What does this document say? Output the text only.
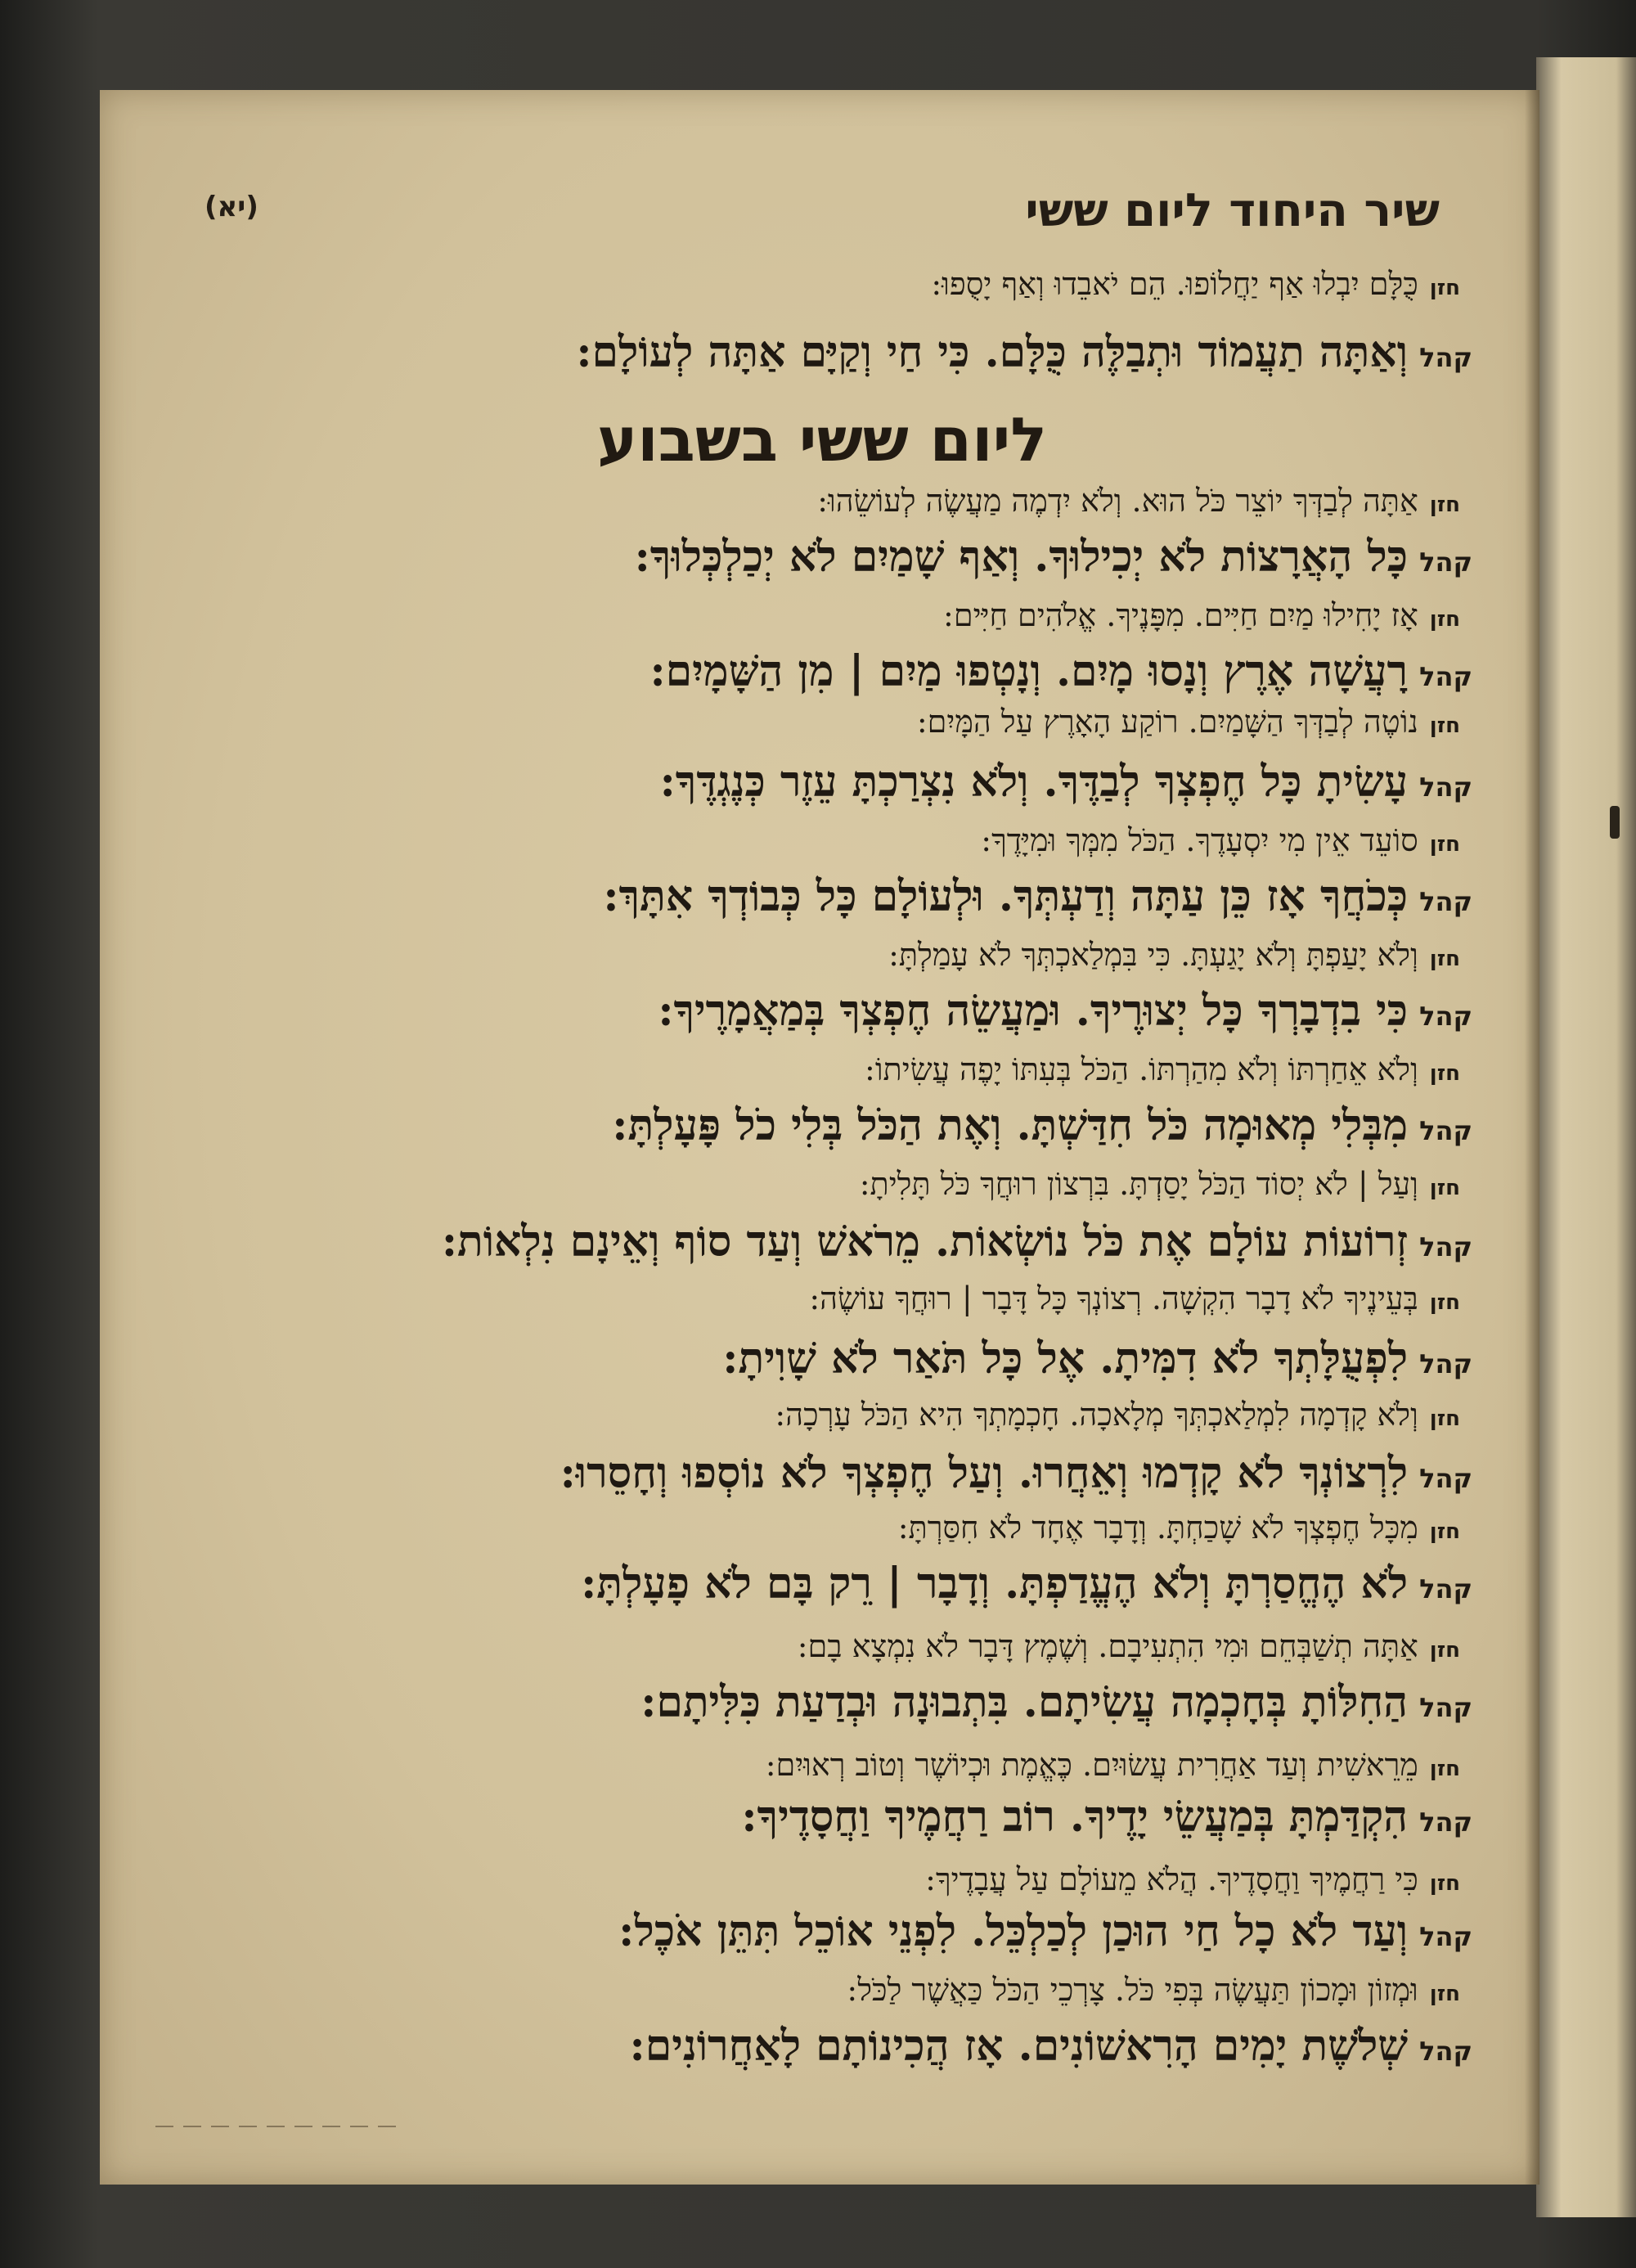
שיר היחוד ליום ששי
(יא)
ליום ששי בשבוע
חזןכֻּלָּם יִבְלוּ אַף יַחֲלוֹפוּ. הֵם יֹאבֵדוּ וְאַף יָסֻפוּ:
קהלוְאַתָּה תַעֲמוֹד וּתְבַלֶּה כֻּלָּם. כִּי חַי וְקַיָּם אַתָּה לְעוֹלָם:
חזןאַתָּה לְבַדְּךָ יוֹצֵר כֹּל הוּא. וְלֹא יִדְמֶה מַעֲשֶׂה לְעוֹשֵׂהוּ:
קהלכָּל הָאֲרָצוֹת לֹא יְכִילוּךָ. וְאַף שָׁמַיִם לֹא יְכַלְכְּלוּךָ:
חזןאָז יָחִילוּ מַיִם חַיִּים. מִפָּנֶיךָ. אֱלֹהִים חַיִּים:
קהלרָעֲשָׁה אֶרֶץ וְנָסוּ מָיִם. וְנָטְפוּ מַיִם | מִן הַשָּׁמָיִם:
חזןנוֹטֶה לְבַדְּךָ הַשָּׁמַיִם. רוֹקַע הָאָרֶץ עַל הַמָּיִם:
קהלעָשִׂיתָ כָּל חֶפְצְךָ לְבַדֶּךָ. וְלֹא נִצְרַכְתָּ עֵזֶר כְּנֶגְדֶּךָ:
חזןסוֹעֵד אֵין מִי יִסְעָדֶךָ. הַכֹּל מִמְּךָ וּמִיָּדֶךָ:
קהלכְּכֹחֲךָ אָז כֵּן עַתָּה וְדַעְתְּךָ. וּלְעוֹלָם כָּל כְּבוֹדְךָ אִתָּךְ:
חזןוְלֹא יָעַפְתָּ וְלֹא יָגַעְתָּ. כִּי בִּמְלַאכְתְּךָ לֹא עָמַלְתָּ:
קהלכִּי בִדְבָרְךָ כָּל יְצוּרֶיךָ. וּמַעֲשֵׂה חֶפְצְךָ בְּמַאֲמָרֶיךָ:
חזןוְלֹא אֵחַרְתּוֹ וְלֹא מִהַרְתּוֹ. הַכֹּל בְּעִתּוֹ יָפֶה עֲשִׂיתוֹ:
קהלמִבְּלִי מְאוּמָה כֹּל חִדַּשְׁתָּ. וְאֶת הַכֹּל בְּלִי כֹל פָּעָלְתָּ:
חזןוְעַל | לֹא יְסוֹד הַכֹּל יָסַדְתָּ. בִּרְצוֹן רוּחֲךָ כֹּל תָּלִיתָ:
קהלזְרוֹעוֹת עוֹלָם אֶת כֹּל נוֹשְׂאוֹת. מֵרֹאשׁ וְעַד סוֹף וְאֵינָם נִלְאוֹת:
חזןבְּעֵינֶיךָ לֹא דָבָר הִקְשָׁה. רְצוֹנְךָ כָּל דָּבָר | רוּחֲךָ עוֹשֶׂה:
קהללִפְעֻלָּתְךָ לֹא דִמִּיתָ. אֶל כָּל תֹּאַר לֹא שָׁוִיתָ:
חזןוְלֹא קָדְמָה לִמְלַאכְתְּךָ מְלָאכָה. חָכְמָתְךָ הִיא הַכֹּל עָרְכָה:
קהללִרְצוֹנְךָ לֹא קָדְמוּ וְאֵחֲרוּ. וְעַל חֶפְצְךָ לֹא נוֹסְפוּ וְחָסֵרוּ:
חזןמִכָּל חֶפְצְךָ לֹא שָׁכַחְתָּ. וְדָבָר אֶחָד לֹא חִסַּרְתָּ:
קהללֹא הֶחֱסַרְתָּ וְלֹא הֶעֱדַפְתָּ. וְדָבָר | רֵק בָּם לֹא פָעָלְתָּ:
חזןאַתָּה תְשַׁבְּחֵם וּמִי הִתְעִיבָם. וְשֶׁמֶץ דָּבָר לֹא נִמְצָא בָם:
קהלהַחִלּוֹתָ בְּחָכְמָה עֲשִׂיתָם. בִּתְבוּנָה וּבְדַעַת כִּלִּיתָם:
חזןמֵרֵאשִׁית וְעַד אַחֲרִית עֲשׂוּיִם. כֶּאֱמֶת וּכְיוֹשֶׁר וְטוֹב רְאוּיִם:
קהלהִקְדַּמְתָּ בְּמַעֲשֵׂי יָדֶיךָ. רוֹב רַחֲמֶיךָ וַחֲסָדֶיךָ:
חזןכִּי רַחֲמֶיךָ וַחֲסָדֶיךָ. הֲלֹא מֵעוֹלָם עַל עֲבָדֶיךָ:
קהלוְעַד לֹא כָל חַי הוּכַן לְכַלְכֵּל. לִפְנֵי אוֹכֵל תִּתֵּן אֹכֶל:
חזןוּמְזוֹן וּמָכוֹן תַּעֲשֶׂה בְּפִי כֹּל. צָרְכֵי הַכֹּל כַּאֲשֶׁר לַכֹּל:
קהלשְׁלֹשֶׁת יָמִים הָרִאשׁוֹנִים. אָז הֲכִינוֹתָם לָאַחֲרוֹנִים:
